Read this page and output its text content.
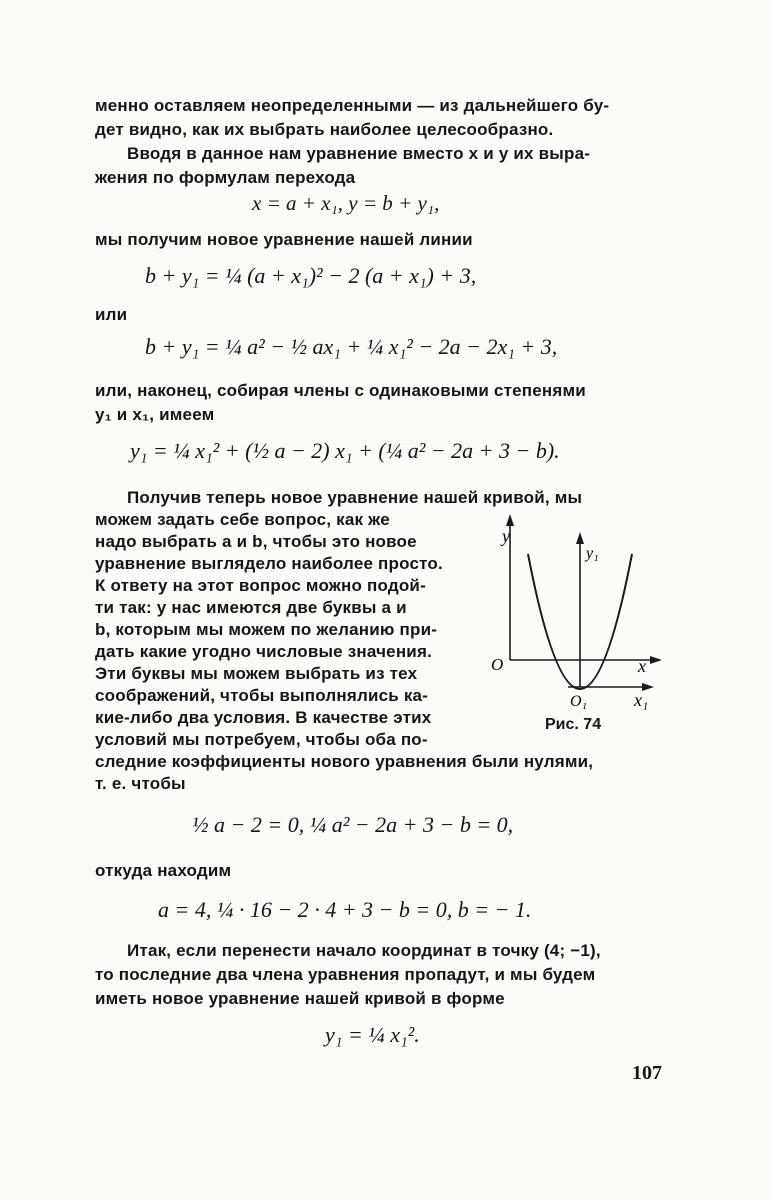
менно оставляем неопределенными — из дальнейшего бу-
дет видно, как их выбрать наиболее целесообразно.
Вводя в данное нам уравнение вместо x и y их выра-
жения по формулам перехода
x = a + x₁, y = b + y₁,
мы получим новое уравнение нашей линии
b + y₁ = ¼ (a + x₁)² − 2 (a + x₁) + 3,
или
b + y₁ = ¼ a² − ½ ax₁ + ¼ x₁² − 2a − 2x₁ + 3,
или, наконец, собирая члены с одинаковыми степенями
y₁ и x₁, имеем
y₁ = ¼ x₁² + (½ a − 2) x₁ + (¼ a² − 2a + 3 − b).
Получив теперь новое уравнение нашей кривой, мы
можем задать себе вопрос, как же
надо выбрать a и b, чтобы это новое
уравнение выглядело наиболее просто.
К ответу на этот вопрос можно подой-
ти так: у нас имеются две буквы a и
b, которым мы можем по желанию при-
дать какие угодно числовые значения.
Эти буквы мы можем выбрать из тех
соображений, чтобы выполнялись ка-
кие-либо два условия. В качестве этих
условий мы потребуем, чтобы оба по-
следние коэффициенты нового уравнения были нулями,
т. е. чтобы
y
y₁
O	x
O₁	x₁
Рис. 74
½ a − 2 = 0, ¼ a² − 2a + 3 − b = 0,
откуда находим
a = 4, ¼ · 16 − 2 · 4 + 3 − b = 0, b = − 1.
Итак, если перенести начало координат в точку (4; −1),
то последние два члена уравнения пропадут, и мы будем
иметь новое уравнение нашей кривой в форме
y₁ = ¼ x₁².
107
